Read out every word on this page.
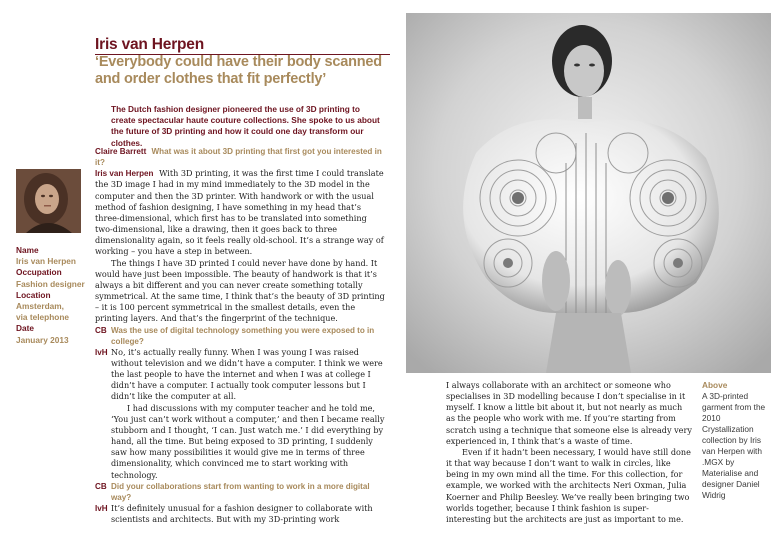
Iris van Herpen
‘Everybody could have their body scanned and order clothes that fit perfectly’
The Dutch fashion designer pioneered the use of 3D printing to create spectacular haute couture collections. She spoke to us about the future of 3D printing and how it could one day transform our clothes.
Name
Iris van Herpen
Occupation
Fashion designer
Location
Amsterdam,
via telephone
Date
January 2013
Claire Barrett What was it about 3D printing that first got you interested in it?
Iris van Herpen With 3D printing, it was the first time I could translate the 3D image I had in my mind immediately to the 3D model in the computer and then the 3D printer. With handwork or with the usual method of fashion designing, I have something in my head that’s three-dimensional, which first has to be translated into something two-dimensional, like a drawing, then it goes back to three dimensionality again, so it feels really old-school. It’s a strange way of working – you have a step in between.

The things I have 3D printed I could never have done by hand. It would have just been impossible. The beauty of handwork is that it’s always a bit different and you can never create something totally symmetrical. At the same time, I think that’s the beauty of 3D printing – it is 100 percent symmetrical in the smallest details, even the printing layers. And that’s the fingerprint of the technique.

CB Was the use of digital technology something you were exposed to in college?
IvH No, it’s actually really funny. When I was young I was raised without television and we didn’t have a computer. I think we were the last people to have the internet and when I was at college I didn’t have a computer. I actually took computer lessons but I didn’t like the computer at all.

I had discussions with my computer teacher and he told me, ‘You just can’t work without a computer,’ and then I became really stubborn and I thought, ‘I can. Just watch me.’ I did everything by hand, all the time. But being exposed to 3D printing, I suddenly saw how many possibilities it would give me in terms of three dimensionality, which convinced me to start working with technology.

CB Did your collaborations start from wanting to work in a more digital way?
IvH It’s definitely unusual for a fashion designer to collaborate with scientists and architects. But with my 3D-printing work

I always collaborate with an architect or someone who specialises in 3D modelling because I don’t specialise in it myself. I know a little bit about it, but not nearly as much as the people who work with me. If you’re starting from scratch using a technique that someone else is already very experienced in, I think that’s a waste of time.

Even if it hadn’t been necessary, I would have still done it that way because I don’t want to walk in circles, like being in my own mind all the time. For this collection, for example, we worked with the architects Neri Oxman, Julia Koerner and Philip Beesley. We’ve really been bringing two worlds together, because I think fashion is super-interesting but the architects are just as important to me.

Above
A 3D-printed garment from the 2010 Crystallization collection by Iris van Herpen with .MGX by Materialise and designer Daniel Widrig
